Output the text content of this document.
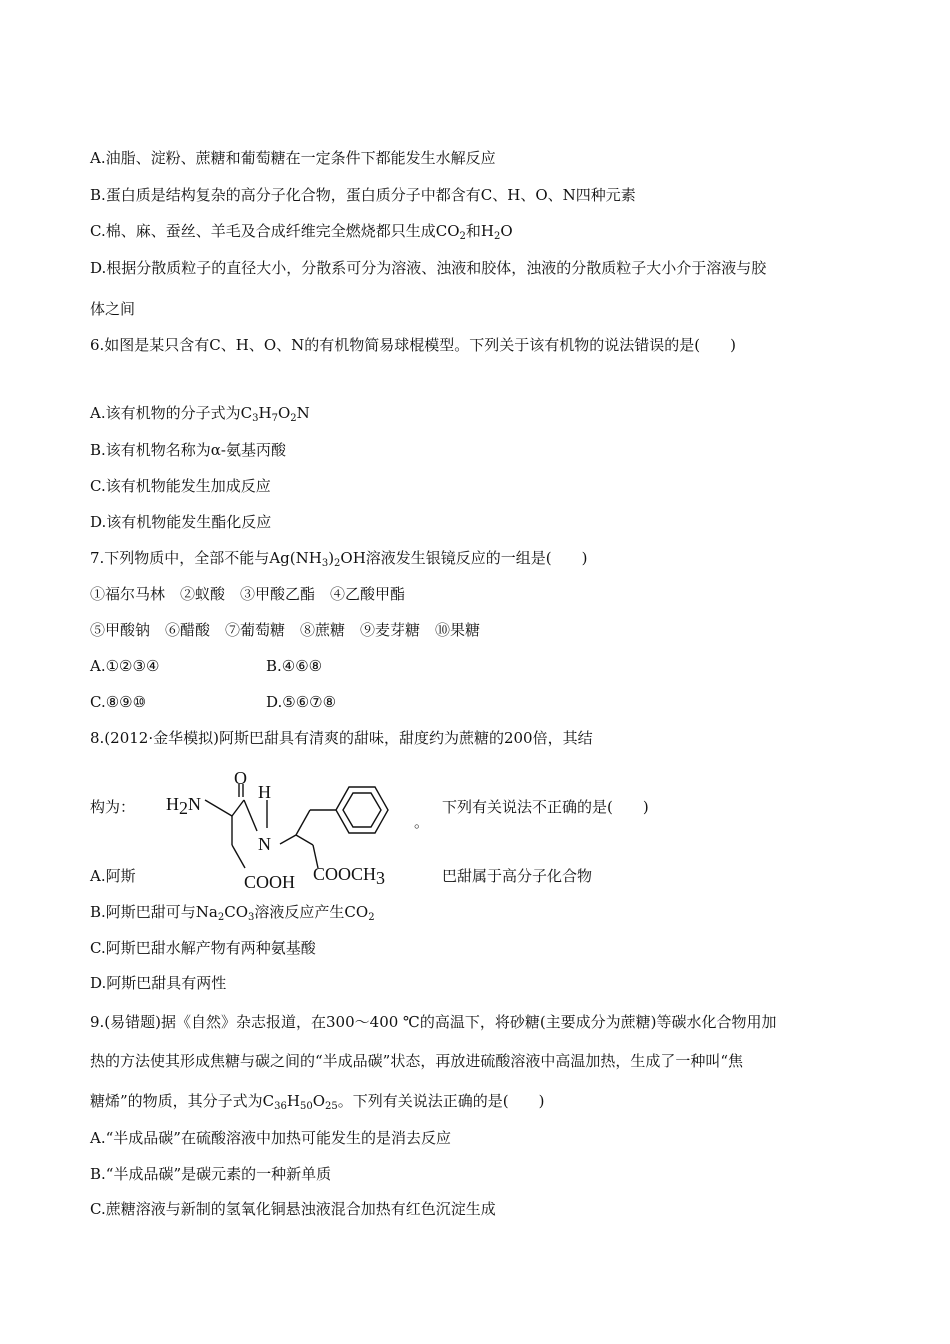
A.油脂、淀粉、蔗糖和葡萄糖在一定条件下都能发生水解反应
B.蛋白质是结构复杂的高分子化合物，蛋白质分子中都含有C、H、O、N四种元素
C.棉、麻、蚕丝、羊毛及合成纤维完全燃烧都只生成$CO_2$和$H_2O$
D.根据分散质粒子的直径大小，分散系可分为溶液、浊液和胶体，浊液的分散质粒子大小介于溶液与胶
体之间
6.如图是某只含有C、H、O、N的有机物简易球棍模型。下列关于该有机物的说法错误的是(　　)
A.该有机物的分子式为$C_3H_7O_2N$
B.该有机物名称为α-氨基丙酸
C.该有机物能发生加成反应
D.该有机物能发生酯化反应
7.下列物质中，全部不能与$Ag(NH_3)_2OH$溶液发生银镜反应的一组是(　　)
①福尔马林　②蚁酸　③甲酸乙酯　④乙酸甲酯
⑤甲酸钠　⑥醋酸　⑦葡萄糖　⑧蔗糖　⑨麦芽糖　⑩果糖
A.①②③④	B.④⑥⑧
C.⑧⑨⑩	D.⑤⑥⑦⑧
8.(2012·金华模拟)阿斯巴甜具有清爽的甜味，甜度约为蔗糖的200倍，其结
构为： H2N
O
H
N
COOH COOCH3
。
下列有关说法不正确的是(　　)
A.阿斯	巴甜属于高分子化合物
B.阿斯巴甜可与$Na_2CO_3$溶液反应产生$CO_2$
C.阿斯巴甜水解产物有两种氨基酸
D.阿斯巴甜具有两性
9.(易错题)据《自然》杂志报道，在300～400 ℃的高温下，将砂糖(主要成分为蔗糖)等碳水化合物用加
热的方法使其形成焦糖与碳之间的“半成品碳”状态，再放进硫酸溶液中高温加热，生成了一种叫“焦
糖烯”的物质，其分子式为$C_{36}H_{50}O_{25}$。下列有关说法正确的是(　　)
A.“半成品碳”在硫酸溶液中加热可能发生的是消去反应
B.“半成品碳”是碳元素的一种新单质
C.蔗糖溶液与新制的氢氧化铜悬浊液混合加热有红色沉淀生成
